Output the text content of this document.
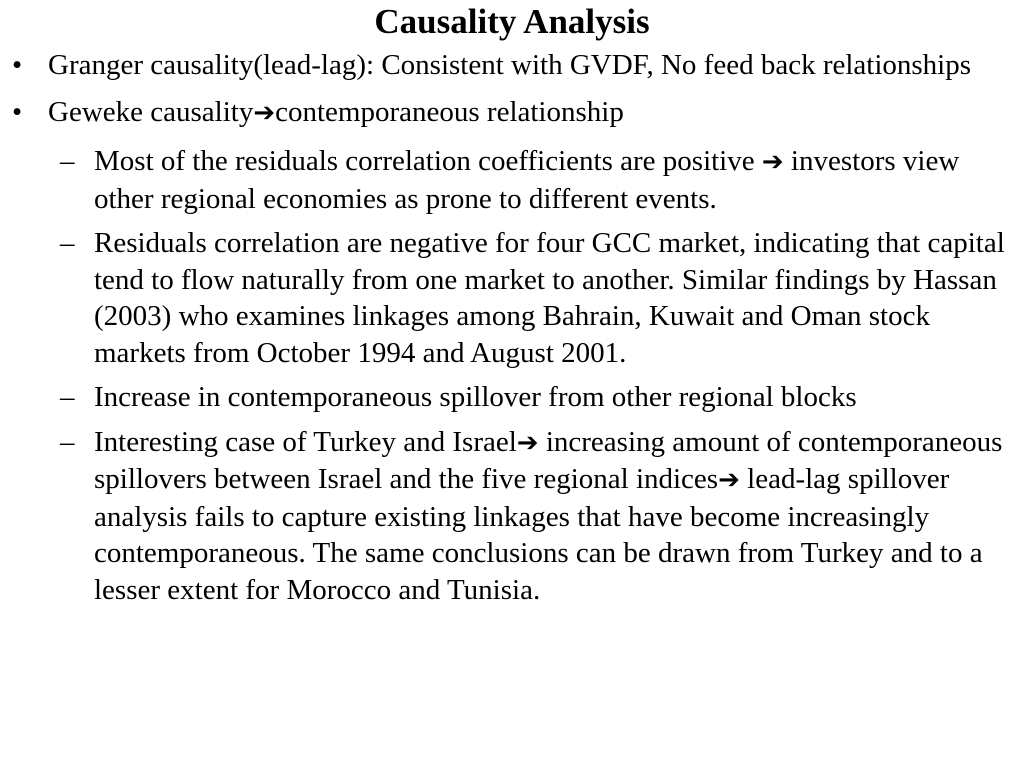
Causality Analysis
• Granger causality(lead-lag): Consistent with GVDF, No feed back relationships
• Geweke causality➔contemporaneous relationship
– Most of the residuals correlation coefficients are positive ➔ investors view other regional economies as prone to different events.
– Residuals correlation are negative for four GCC market, indicating that capital tend to flow naturally from one market to another. Similar findings by Hassan (2003) who examines linkages among Bahrain, Kuwait and Oman stock markets from October 1994 and August 2001.
– Increase in contemporaneous spillover from other regional blocks
– Interesting case of Turkey and Israel➔ increasing amount of contemporaneous spillovers between Israel and the five regional indices➔ lead-lag spillover analysis fails to capture existing linkages that have become increasingly contemporaneous. The same conclusions can be drawn from Turkey and to a lesser extent for Morocco and Tunisia.
